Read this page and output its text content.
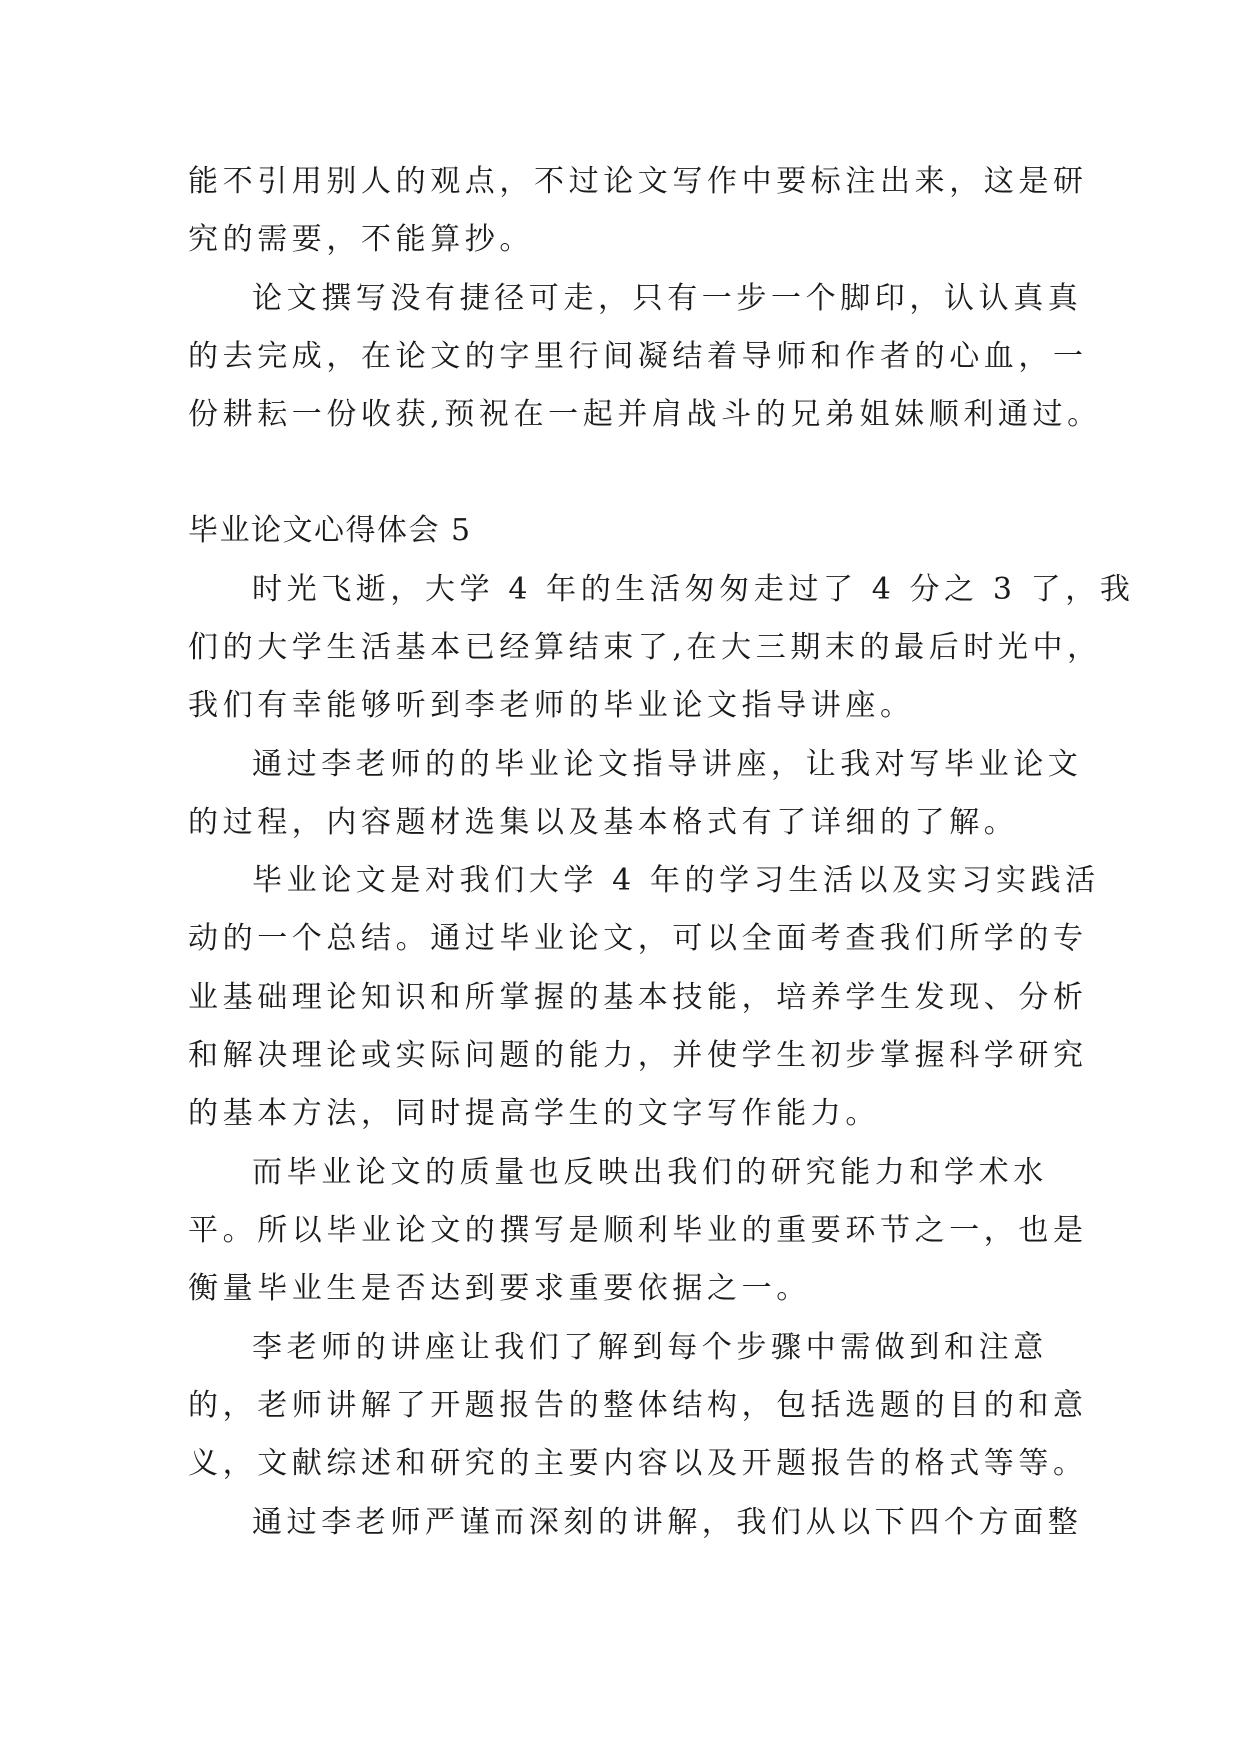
能不引用别人的观点，不过论文写作中要标注出来，这是研
究的需要，不能算抄。
论文撰写没有捷径可走，只有一步一个脚印，认认真真
的去完成，在论文的字里行间凝结着导师和作者的心血，一
份耕耘一份收获,预祝在一起并肩战斗的兄弟姐妹顺利通过。
毕业论文心得体会 5
时光飞逝，大学 4 年的生活匆匆走过了 4 分之 3 了，我
们的大学生活基本已经算结束了,在大三期末的最后时光中，
我们有幸能够听到李老师的毕业论文指导讲座。
通过李老师的的毕业论文指导讲座，让我对写毕业论文
的过程，内容题材选集以及基本格式有了详细的了解。
毕业论文是对我们大学 4 年的学习生活以及实习实践活
动的一个总结。通过毕业论文，可以全面考查我们所学的专
业基础理论知识和所掌握的基本技能，培养学生发现、分析
和解决理论或实际问题的能力，并使学生初步掌握科学研究
的基本方法，同时提高学生的文字写作能力。
而毕业论文的质量也反映出我们的研究能力和学术水
平。所以毕业论文的撰写是顺利毕业的重要环节之一，也是
衡量毕业生是否达到要求重要依据之一。
李老师的讲座让我们了解到每个步骤中需做到和注意
的，老师讲解了开题报告的整体结构，包括选题的目的和意
义，文献综述和研究的主要内容以及开题报告的格式等等。
通过李老师严谨而深刻的讲解，我们从以下四个方面整
